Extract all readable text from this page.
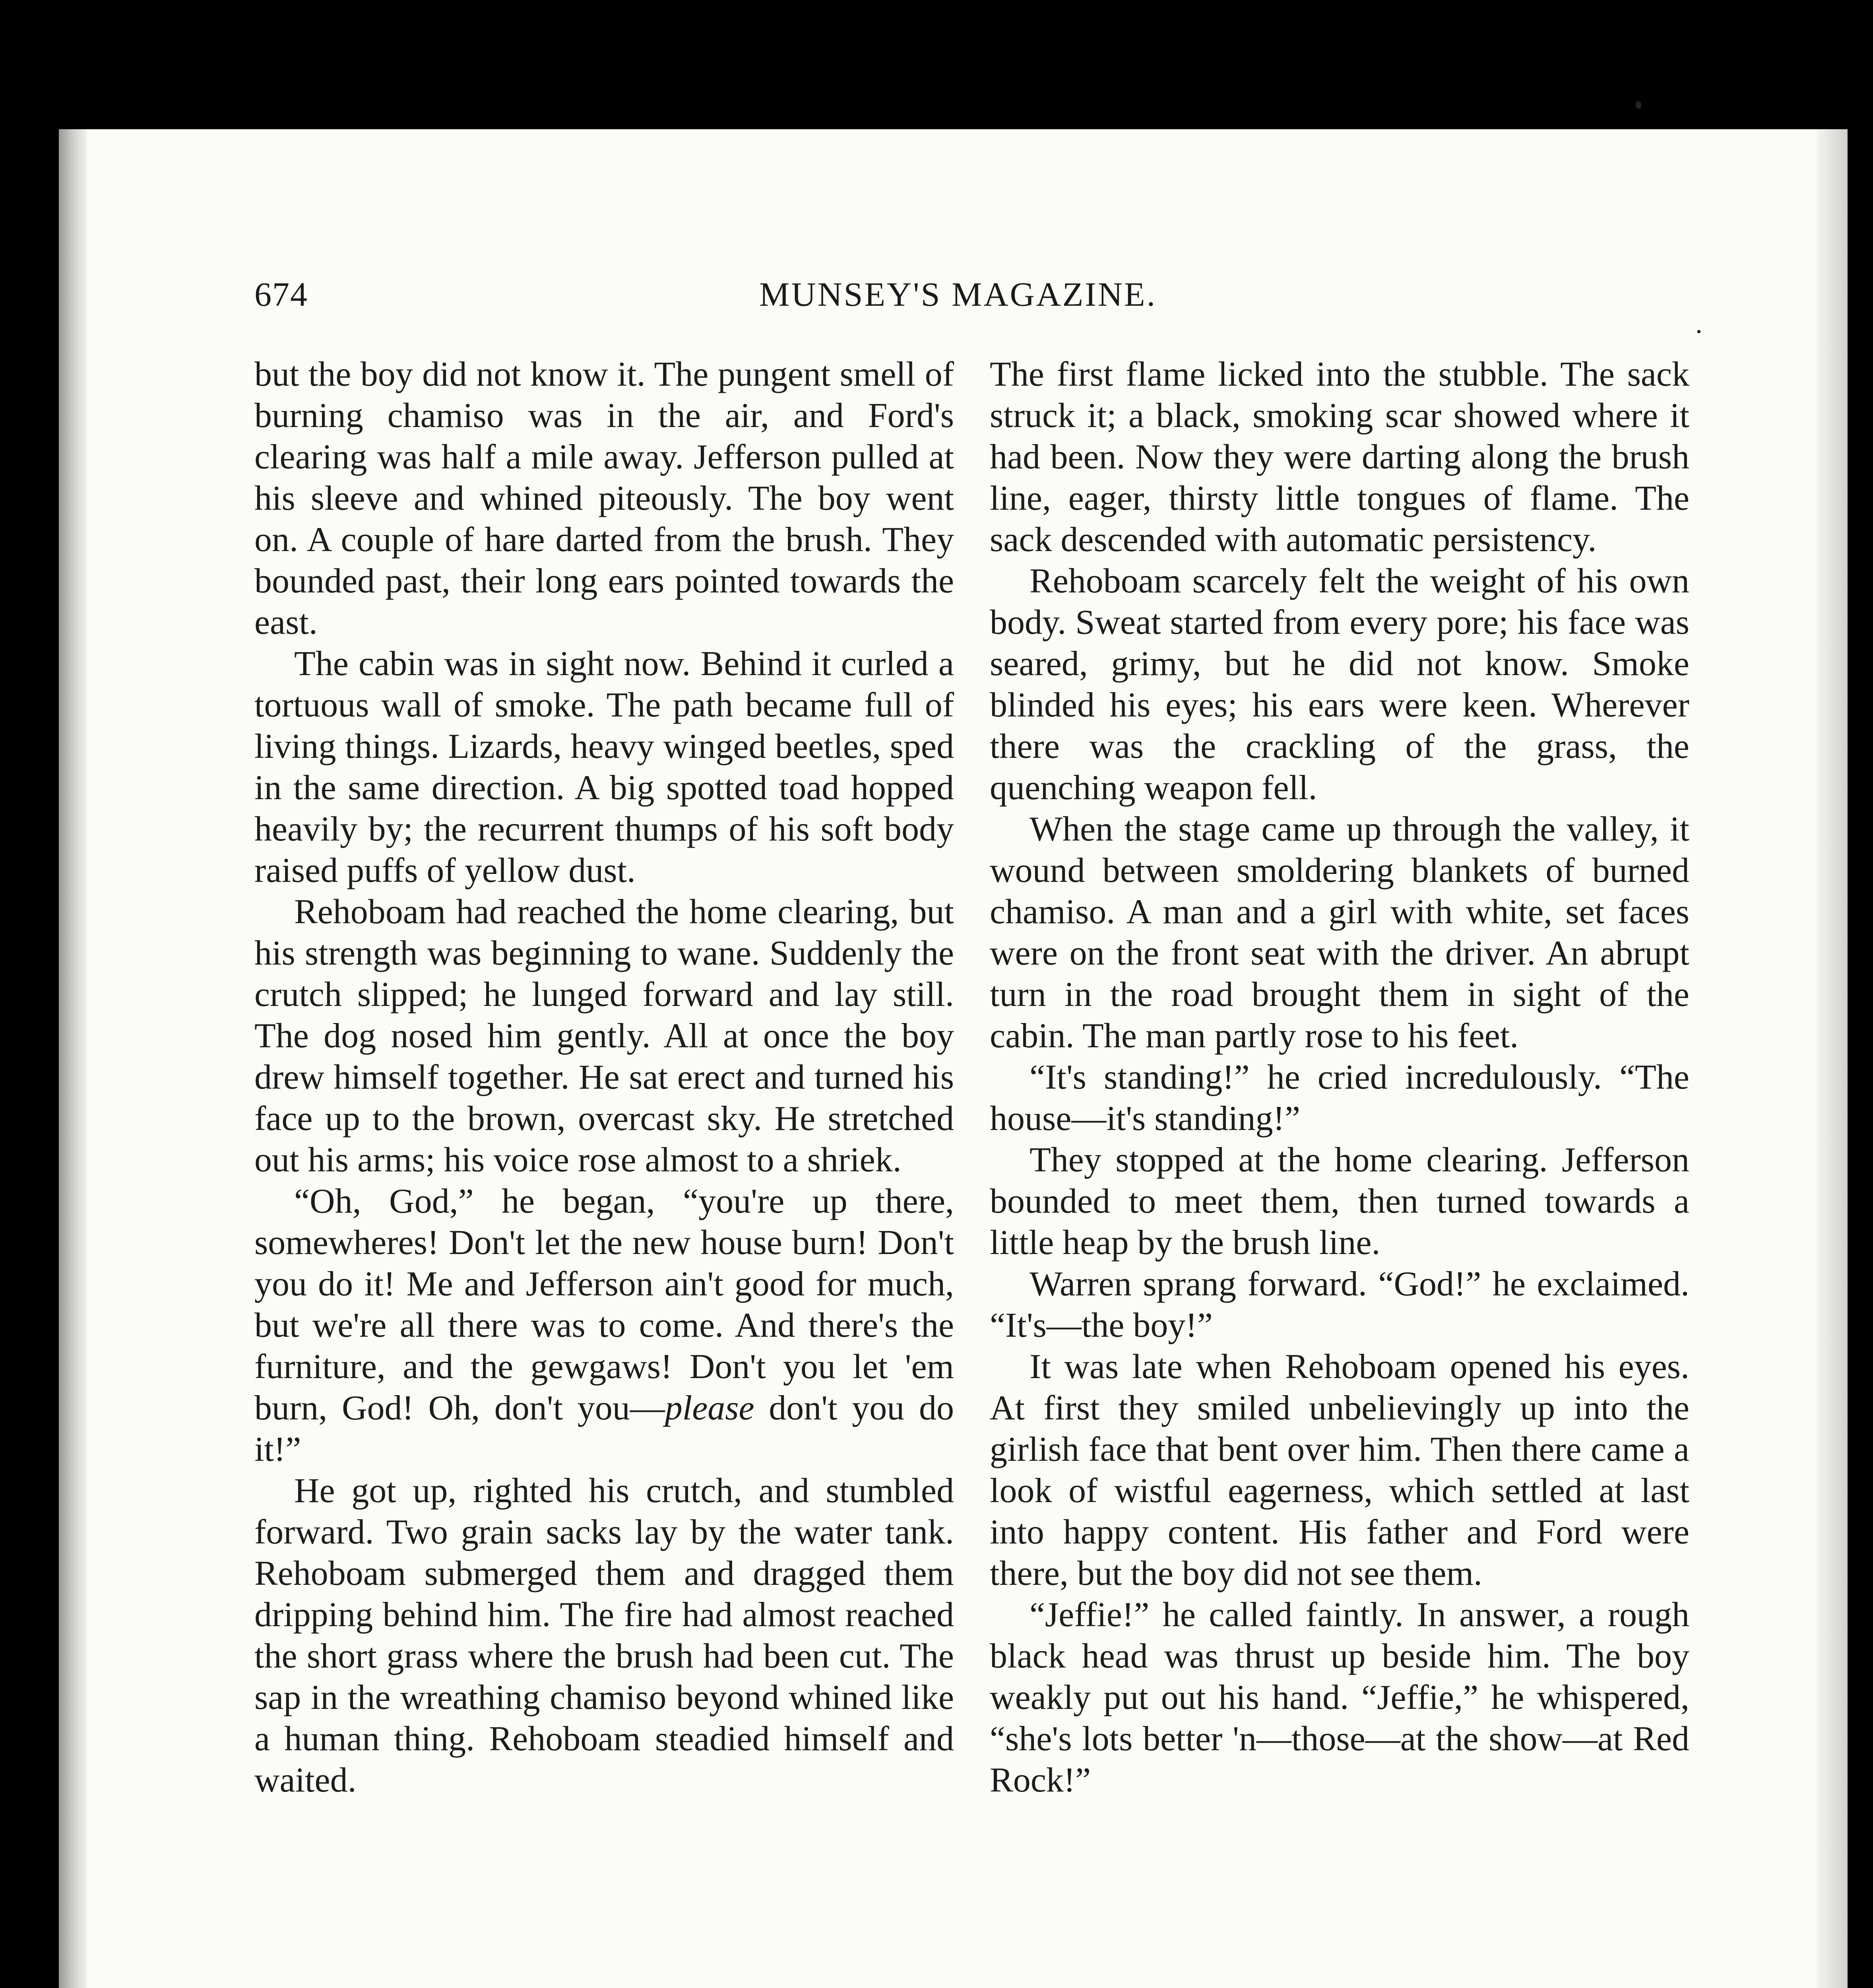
674	MUNSEY'S MAGAZINE.

but the boy did not know it. The pungent smell of burning chamiso was in the air, and Ford's clearing was half a mile away. Jefferson pulled at his sleeve and whined piteously. The boy went on. A couple of hare darted from the brush. They bounded past, their long ears pointed towards the east.

The cabin was in sight now. Behind it curled a tortuous wall of smoke. The path became full of living things. Lizards, heavy winged beetles, sped in the same direction. A big spotted toad hopped heavily by; the recurrent thumps of his soft body raised puffs of yellow dust.

Rehoboam had reached the home clearing, but his strength was beginning to wane. Suddenly the crutch slipped; he lunged forward and lay still. The dog nosed him gently. All at once the boy drew himself together. He sat erect and turned his face up to the brown, overcast sky. He stretched out his arms; his voice rose almost to a shriek.

“Oh, God,” he began, “you're up there, somewheres! Don't let the new house burn! Don't you do it! Me and Jefferson ain't good for much, but we're all there was to come. And there's the furniture, and the gewgaws! Don't you let 'em burn, God! Oh, don't you—please don't you do it!”

He got up, righted his crutch, and stumbled forward. Two grain sacks lay by the water tank. Rehoboam submerged them and dragged them dripping behind him. The fire had almost reached the short grass where the brush had been cut. The sap in the wreathing chamiso beyond whined like a human thing. Rehoboam steadied himself and waited.

The first flame licked into the stubble. The sack struck it; a black, smoking scar showed where it had been. Now they were darting along the brush line, eager, thirsty little tongues of flame. The sack descended with automatic persistency.

Rehoboam scarcely felt the weight of his own body. Sweat started from every pore; his face was seared, grimy, but he did not know. Smoke blinded his eyes; his ears were keen. Wherever there was the crackling of the grass, the quenching weapon fell.

When the stage came up through the valley, it wound between smoldering blankets of burned chamiso. A man and a girl with white, set faces were on the front seat with the driver. An abrupt turn in the road brought them in sight of the cabin. The man partly rose to his feet.

“It's standing!” he cried incredulously. “The house—it's standing!”

They stopped at the home clearing. Jefferson bounded to meet them, then turned towards a little heap by the brush line.

Warren sprang forward. “God!” he exclaimed. “It's—the boy!”

It was late when Rehoboam opened his eyes. At first they smiled unbelievingly up into the girlish face that bent over him. Then there came a look of wistful eagerness, which settled at last into happy content. His father and Ford were there, but the boy did not see them.

“Jeffie!” he called faintly. In answer, a rough black head was thrust up beside him. The boy weakly put out his hand. “Jeffie,” he whispered, “she's lots better 'n—those—at the show—at Red Rock!”
